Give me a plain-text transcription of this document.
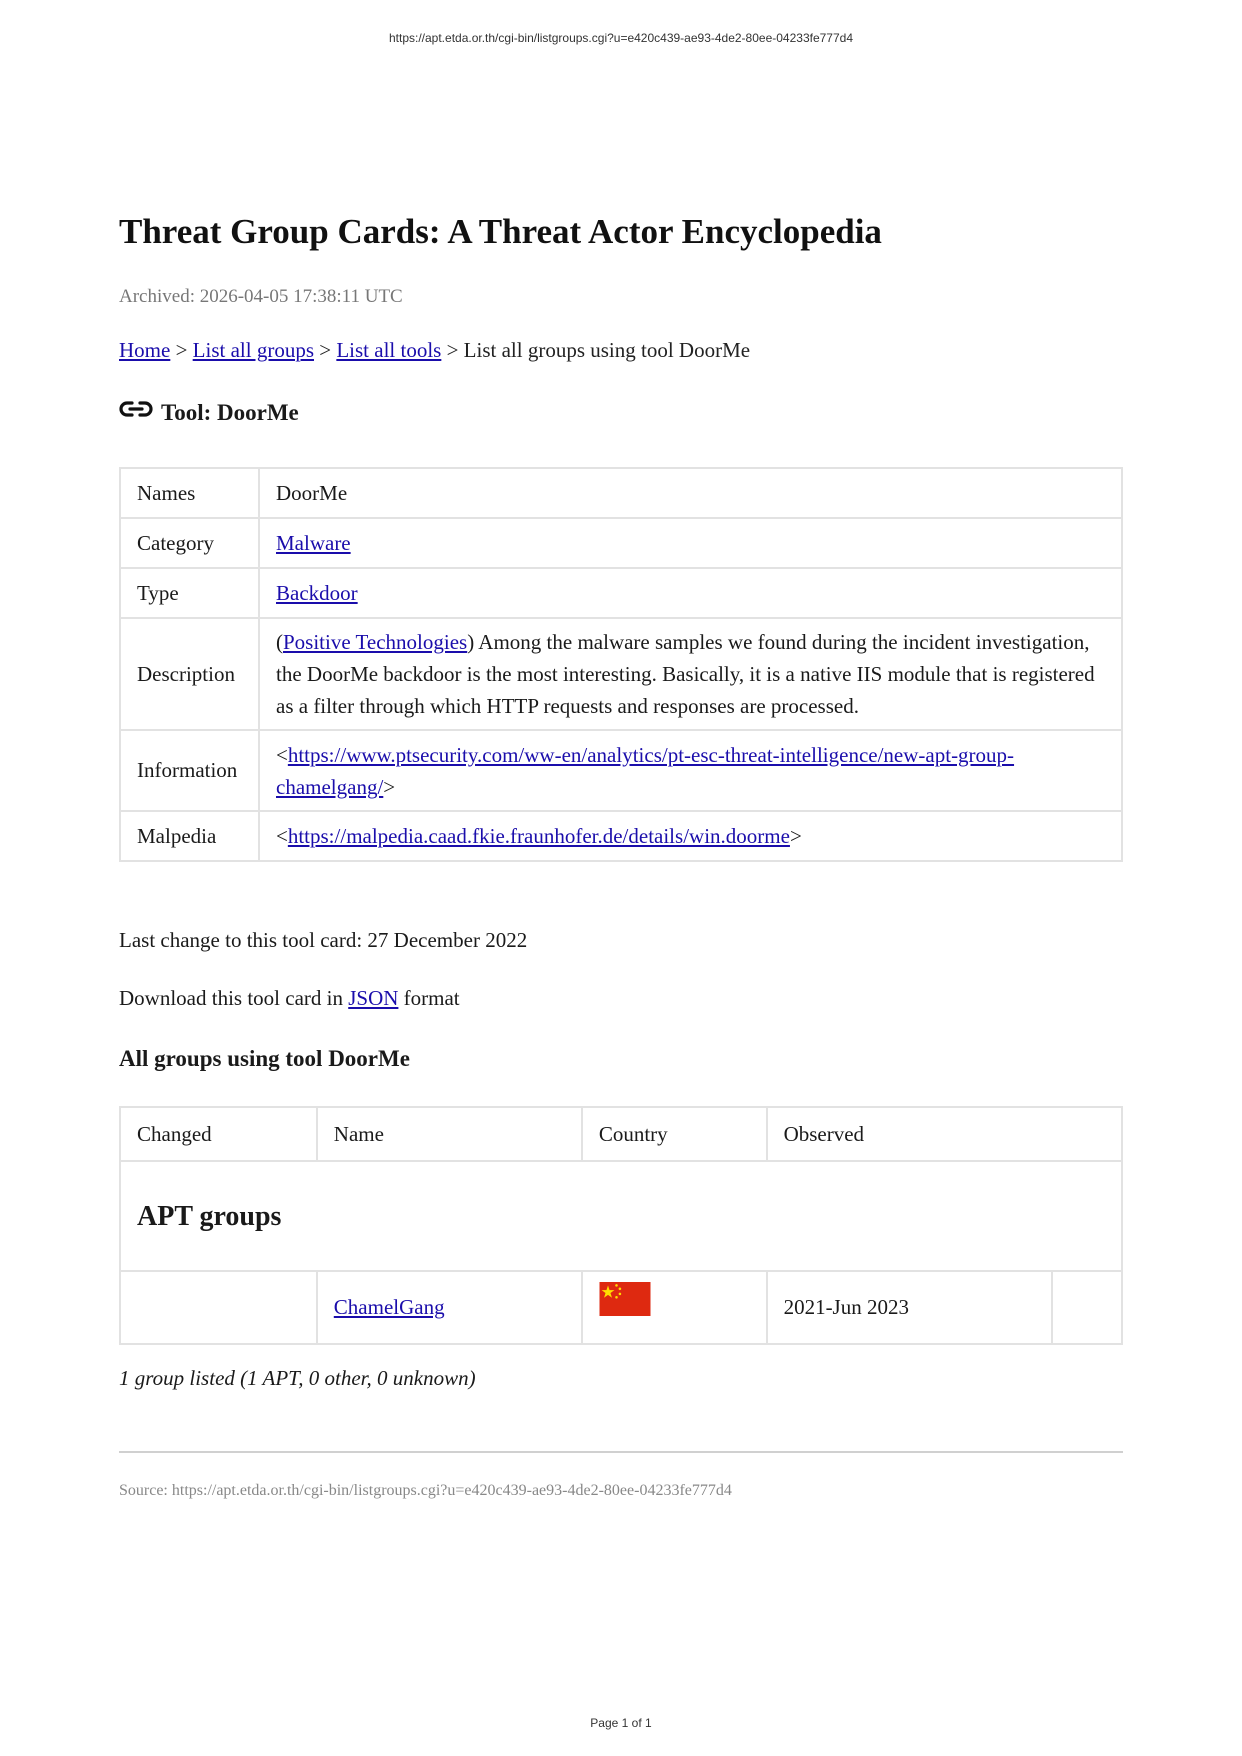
https://apt.etda.or.th/cgi-bin/listgroups.cgi?u=e420c439-ae93-4de2-80ee-04233fe777d4
Threat Group Cards: A Threat Actor Encyclopedia
Archived: 2026-04-05 17:38:11 UTC
Home > List all groups > List all tools > List all groups using tool DoorMe
Tool: DoorMe
Names	DoorMe
Category	Malware
Type	Backdoor
Description	(Positive Technologies) Among the malware samples we found during the incident investigation, the DoorMe backdoor is the most interesting. Basically, it is a native IIS module that is registered as a filter through which HTTP requests and responses are processed.
Information	<https://www.ptsecurity.com/ww-en/analytics/pt-esc-threat-intelligence/new-apt-group-chamelgang/>
Malpedia	<https://malpedia.caad.fkie.fraunhofer.de/details/win.doorme>
Last change to this tool card: 27 December 2022
Download this tool card in JSON format
All groups using tool DoorMe
Changed	Name	Country	Observed	
APT groups				
	ChamelGang		2021-Jun 2023	
1 group listed (1 APT, 0 other, 0 unknown)
Source: https://apt.etda.or.th/cgi-bin/listgroups.cgi?u=e420c439-ae93-4de2-80ee-04233fe777d4
Page 1 of 1
